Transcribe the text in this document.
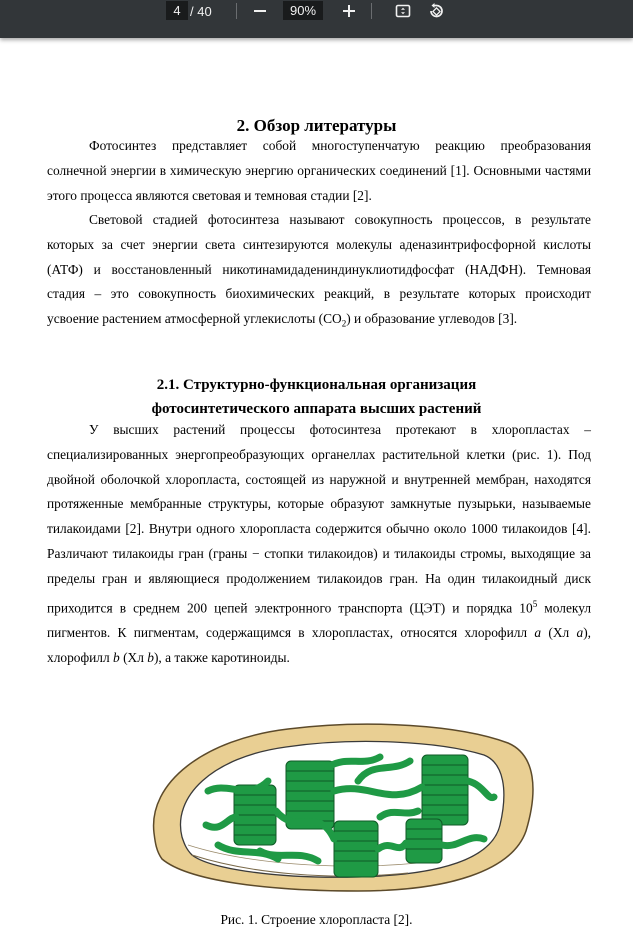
4 / 40	90%
2. Обзор литературы

Фотосинтез представляет собой многоступенчатую реакцию преобразования солнечной энергии в химическую энергию органических соединений [1]. Основными частями этого процесса являются световая и темновая стадии [2].

Световой стадией фотосинтеза называют совокупность процессов, в результате которых за счет энергии света синтезируются молекулы аденазинтрифосфорной кислоты (АТФ) и восстановленный никотинамидадениндинуклиотидфосфат (НАДФН). Темновая стадия – это совокупность биохимических реакций, в результате которых происходит усвоение растением атмосферной углекислоты $(CO_2)$ и образование углеводов [3].

2.1. Структурно-функциональная организация
фотосинтетического аппарата высших растений

У высших растений процессы фотосинтеза протекают в хлоропластах – специализированных энергопреобразующих органеллах растительной клетки (рис. 1). Под двойной оболочкой хлоропласта, состоящей из наружной и внутренней мембран, находятся протяженные мембранные структуры, которые образуют замкнутые пузырьки, называемые тилакоидами [2]. Внутри одного хлоропласта содержится обычно около 1000 тилакоидов [4]. Различают тилакоиды гран (граны − стопки тилакоидов) и тилакоиды стромы, выходящие за пределы гран и являющиеся продолжением тилакоидов гран. На один тилакоидный диск приходится в среднем 200 цепей электронного транспорта (ЦЭТ) и порядка $10^5$ молекул пигментов. К пигментам, содержащимся в хлоропластах, относятся хлорофилл a (Хл a), хлорофилл b (Хл b), а также каротиноиды.

Рис. 1. Строение хлоропласта [2].
